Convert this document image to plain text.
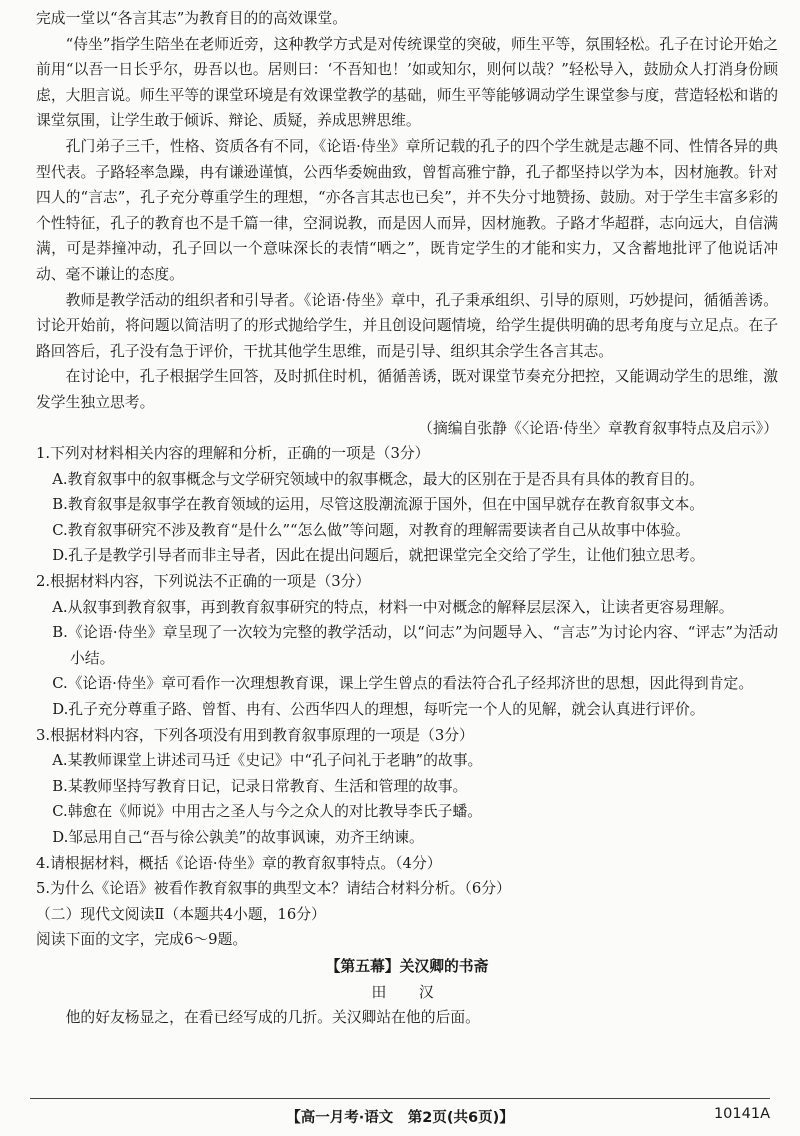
完成一堂以“各言其志”为教育目的的高效课堂。

“侍坐”指学生陪坐在老师近旁，这种教学方式是对传统课堂的突破，师生平等，氛围轻松。孔子在讨论开始之前用“以吾一日长乎尔，毋吾以也。居则曰：‘不吾知也！’如或知尔，则何以哉？”轻松导入，鼓励众人打消身份顾虑，大胆言说。师生平等的课堂环境是有效课堂教学的基础，师生平等能够调动学生课堂参与度，营造轻松和谐的课堂氛围，让学生敢于倾诉、辩论、质疑，养成思辨思维。

孔门弟子三千，性格、资质各有不同，《论语·侍坐》章所记载的孔子的四个学生就是志趣不同、性情各异的典型代表。子路轻率急躁，冉有谦逊谨慎，公西华委婉曲致，曾皙高雅宁静，孔子都坚持以学为本，因材施教。针对四人的“言志”，孔子充分尊重学生的理想，“亦各言其志也已矣”，并不失分寸地赞扬、鼓励。对于学生丰富多彩的个性特征，孔子的教育也不是千篇一律，空洞说教，而是因人而异，因材施教。子路才华超群，志向远大，自信满满，可是莽撞冲动，孔子回以一个意味深长的表情“哂之”，既肯定学生的才能和实力，又含蓄地批评了他说话冲动、毫不谦让的态度。

教师是教学活动的组织者和引导者。《论语·侍坐》章中，孔子秉承组织、引导的原则，巧妙提问，循循善诱。讨论开始前，将问题以简洁明了的形式抛给学生，并且创设问题情境，给学生提供明确的思考角度与立足点。在子路回答后，孔子没有急于评价，干扰其他学生思维，而是引导、组织其余学生各言其志。

在讨论中，孔子根据学生回答，及时抓住时机，循循善诱，既对课堂节奏充分把控，又能调动学生的思维，激发学生独立思考。

（摘编自张静《〈论语·侍坐〉章教育叙事特点及启示》）

1.下列对材料相关内容的理解和分析，正确的一项是（3分）

A.教育叙事中的叙事概念与文学研究领域中的叙事概念，最大的区别在于是否具有具体的教育目的。

B.教育叙事是叙事学在教育领域的运用，尽管这股潮流源于国外，但在中国早就存在教育叙事文本。

C.教育叙事研究不涉及教育“是什么”“怎么做”等问题，对教育的理解需要读者自己从故事中体验。

D.孔子是教学引导者而非主导者，因此在提出问题后，就把课堂完全交给了学生，让他们独立思考。

2.根据材料内容，下列说法不正确的一项是（3分）

A.从叙事到教育叙事，再到教育叙事研究的特点，材料一中对概念的解释层层深入，让读者更容易理解。

B.《论语·侍坐》章呈现了一次较为完整的教学活动，以“问志”为问题导入、“言志”为讨论内容、“评志”为活动小结。

C.《论语·侍坐》章可看作一次理想教育课，课上学生曾点的看法符合孔子经邦济世的思想，因此得到肯定。

D.孔子充分尊重子路、曾皙、冉有、公西华四人的理想，每听完一个人的见解，就会认真进行评价。

3.根据材料内容，下列各项没有用到教育叙事原理的一项是（3分）

A.某教师课堂上讲述司马迁《史记》中“孔子问礼于老聃”的故事。

B.某教师坚持写教育日记，记录日常教育、生活和管理的故事。

C.韩愈在《师说》中用古之圣人与今之众人的对比教导李氏子蟠。

D.邹忌用自己“吾与徐公孰美”的故事讽谏，劝齐王纳谏。

4.请根据材料，概括《论语·侍坐》章的教育叙事特点。（4分）

5.为什么《论语》被看作教育叙事的典型文本？请结合材料分析。（6分）

（二）现代文阅读Ⅱ（本题共4小题，16分）

阅读下面的文字，完成6～9题。

【第五幕】关汉卿的书斋

田　汉

他的好友杨显之，在看已经写成的几折。关汉卿站在他的后面。

【高一月考·语文　第2页(共6页)】	10141A
